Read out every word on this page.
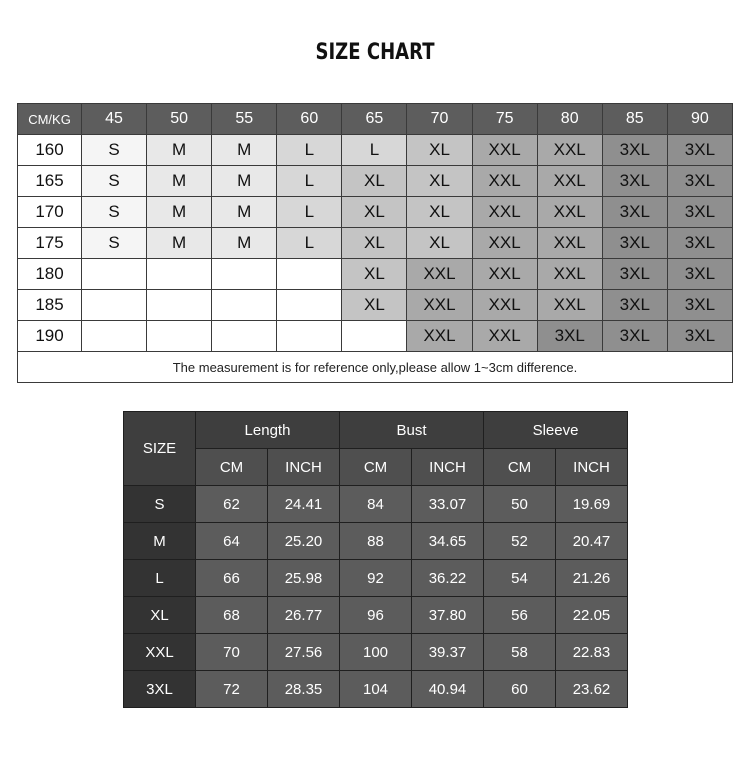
SIZE CHART
CM/KG	45	50	55	60	65	70	75	80	85	90
160	S	M	M	L	L	XL	XXL	XXL	3XL	3XL
165	S	M	M	L	XL	XL	XXL	XXL	3XL	3XL
170	S	M	M	L	XL	XL	XXL	XXL	3XL	3XL
175	S	M	M	L	XL	XL	XXL	XXL	3XL	3XL
180					XL	XXL	XXL	XXL	3XL	3XL
185					XL	XXL	XXL	XXL	3XL	3XL
190						XXL	XXL	3XL	3XL	3XL
The measurement is for reference only,please allow 1~3cm difference.										
SIZE	Length		Bust		Sleeve	
	CM	INCH	CM	INCH	CM	INCH
S	62	24.41	84	33.07	50	19.69
M	64	25.20	88	34.65	52	20.47
L	66	25.98	92	36.22	54	21.26
XL	68	26.77	96	37.80	56	22.05
XXL	70	27.56	100	39.37	58	22.83
3XL	72	28.35	104	40.94	60	23.62
